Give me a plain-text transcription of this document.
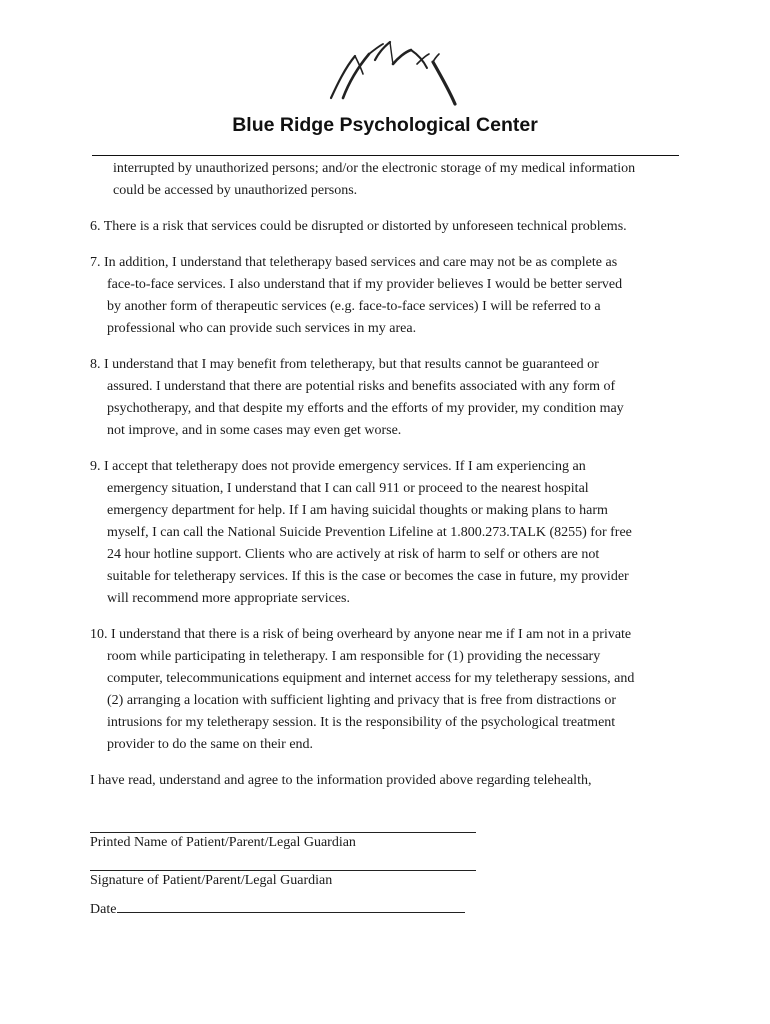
Blue Ridge Psychological Center

interrupted by unauthorized persons; and/or the electronic storage of my medical information
could be accessed by unauthorized persons.

6. There is a risk that services could be disrupted or distorted by unforeseen technical problems.

7. In addition, I understand that teletherapy based services and care may not be as complete as
face-to-face services. I also understand that if my provider believes I would be better served
by another form of therapeutic services (e.g. face-to-face services) I will be referred to a
professional who can provide such services in my area.

8. I understand that I may benefit from teletherapy, but that results cannot be guaranteed or
assured. I understand that there are potential risks and benefits associated with any form of
psychotherapy, and that despite my efforts and the efforts of my provider, my condition may
not improve, and in some cases may even get worse.

9. I accept that teletherapy does not provide emergency services. If I am experiencing an
emergency situation, I understand that I can call 911 or proceed to the nearest hospital
emergency department for help. If I am having suicidal thoughts or making plans to harm
myself, I can call the National Suicide Prevention Lifeline at 1.800.273.TALK (8255) for free
24 hour hotline support. Clients who are actively at risk of harm to self or others are not
suitable for teletherapy services. If this is the case or becomes the case in future, my provider
will recommend more appropriate services.

10. I understand that there is a risk of being overheard by anyone near me if I am not in a private
room while participating in teletherapy. I am responsible for (1) providing the necessary
computer, telecommunications equipment and internet access for my teletherapy sessions, and
(2) arranging a location with sufficient lighting and privacy that is free from distractions or
intrusions for my teletherapy session. It is the responsibility of the psychological treatment
provider to do the same on their end.

I have read, understand and agree to the information provided above regarding telehealth,

Printed Name of Patient/Parent/Legal Guardian
Signature of Patient/Parent/Legal Guardian
Date
